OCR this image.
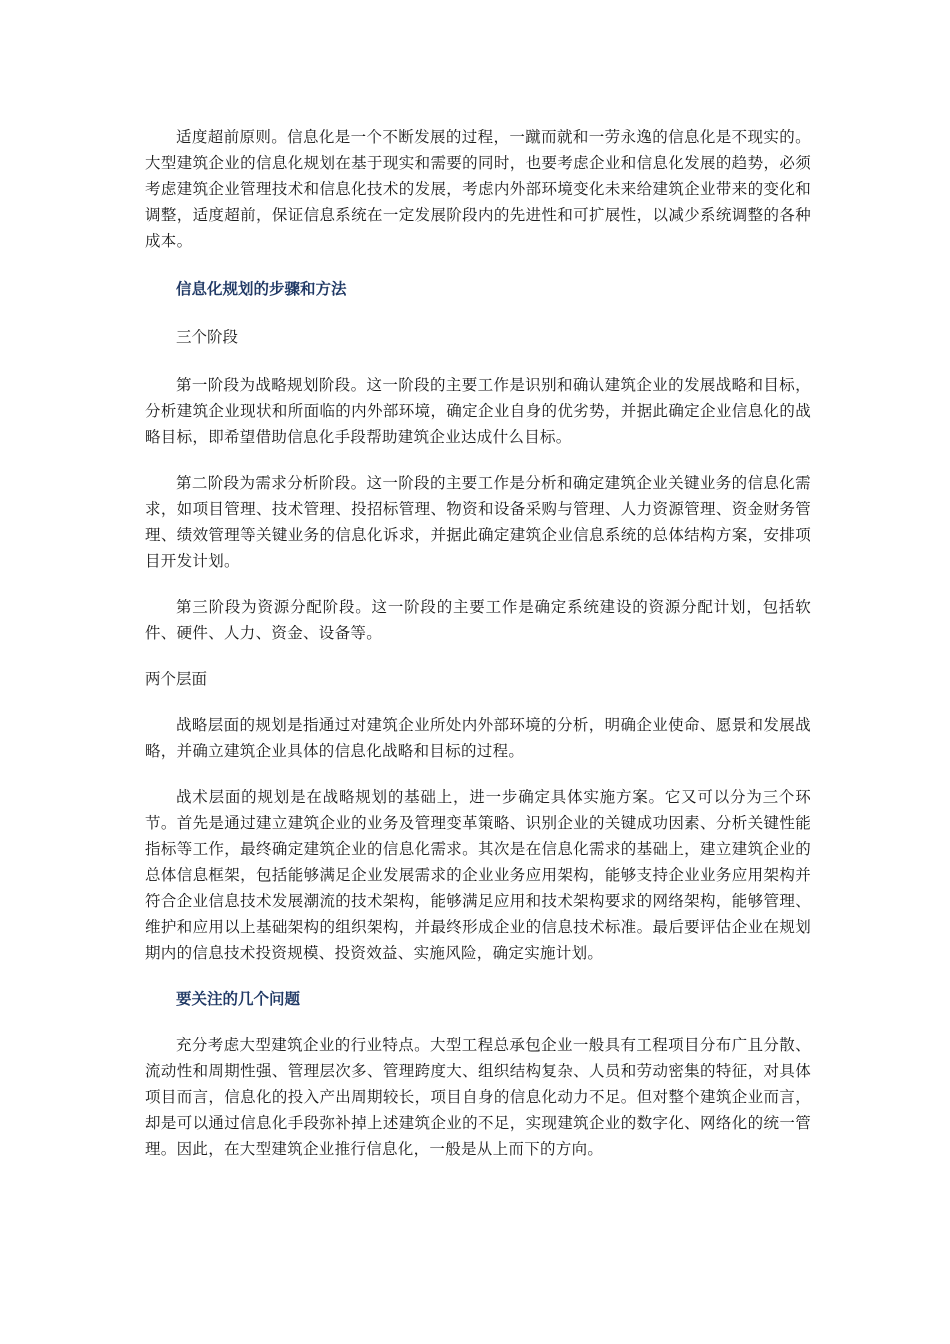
适度超前原则。信息化是一个不断发展的过程，一蹴而就和一劳永逸的信息化是不现实的。大型建筑企业的信息化规划在基于现实和需要的同时，也要考虑企业和信息化发展的趋势，必须考虑建筑企业管理技术和信息化技术的发展，考虑内外部环境变化未来给建筑企业带来的变化和调整，适度超前，保证信息系统在一定发展阶段内的先进性和可扩展性，以减少系统调整的各种成本。

信息化规划的步骤和方法

三个阶段

第一阶段为战略规划阶段。这一阶段的主要工作是识别和确认建筑企业的发展战略和目标，分析建筑企业现状和所面临的内外部环境，确定企业自身的优劣势，并据此确定企业信息化的战略目标，即希望借助信息化手段帮助建筑企业达成什么目标。

第二阶段为需求分析阶段。这一阶段的主要工作是分析和确定建筑企业关键业务的信息化需求，如项目管理、技术管理、投招标管理、物资和设备采购与管理、人力资源管理、资金财务管理、绩效管理等关键业务的信息化诉求，并据此确定建筑企业信息系统的总体结构方案，安排项目开发计划。

第三阶段为资源分配阶段。这一阶段的主要工作是确定系统建设的资源分配计划，包括软件、硬件、人力、资金、设备等。

两个层面

战略层面的规划是指通过对建筑企业所处内外部环境的分析，明确企业使命、愿景和发展战略，并确立建筑企业具体的信息化战略和目标的过程。

战术层面的规划是在战略规划的基础上，进一步确定具体实施方案。它又可以分为三个环节。首先是通过建立建筑企业的业务及管理变革策略、识别企业的关键成功因素、分析关键性能指标等工作，最终确定建筑企业的信息化需求。其次是在信息化需求的基础上，建立建筑企业的总体信息框架，包括能够满足企业发展需求的企业业务应用架构，能够支持企业业务应用架构并符合企业信息技术发展潮流的技术架构，能够满足应用和技术架构要求的网络架构，能够管理、维护和应用以上基础架构的组织架构，并最终形成企业的信息技术标准。最后要评估企业在规划期内的信息技术投资规模、投资效益、实施风险，确定实施计划。

要关注的几个问题

充分考虑大型建筑企业的行业特点。大型工程总承包企业一般具有工程项目分布广且分散、流动性和周期性强、管理层次多、管理跨度大、组织结构复杂、人员和劳动密集的特征，对具体项目而言，信息化的投入产出周期较长，项目自身的信息化动力不足。但对整个建筑企业而言，却是可以通过信息化手段弥补掉上述建筑企业的不足，实现建筑企业的数字化、网络化的统一管理。因此，在大型建筑企业推行信息化，一般是从上而下的方向。
